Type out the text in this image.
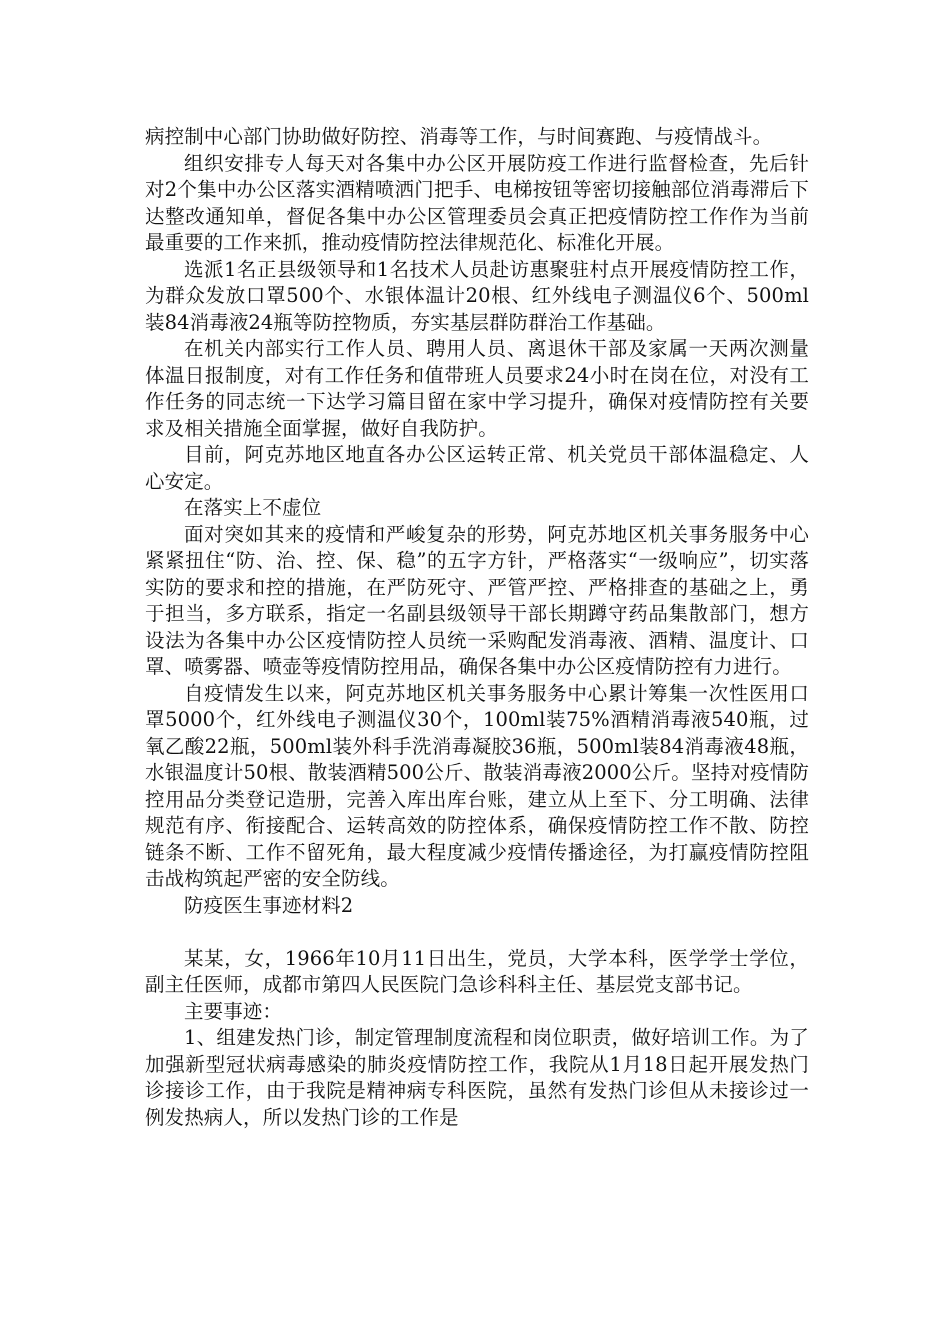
病控制中心部门协助做好防控、消毒等工作，与时间赛跑、与疫情战斗。

组织安排专人每天对各集中办公区开展防疫工作进行监督检查，先后针对2个集中办公区落实酒精喷洒门把手、电梯按钮等密切接触部位消毒滞后下达整改通知单，督促各集中办公区管理委员会真正把疫情防控工作作为当前最重要的工作来抓，推动疫情防控法律规范化、标准化开展。

选派1名正县级领导和1名技术人员赴访惠聚驻村点开展疫情防控工作，为群众发放口罩500个、水银体温计20根、红外线电子测温仪6个、500ml装84消毒液24瓶等防控物质，夯实基层群防群治工作基础。

在机关内部实行工作人员、聘用人员、离退休干部及家属一天两次测量体温日报制度，对有工作任务和值带班人员要求24小时在岗在位，对没有工作任务的同志统一下达学习篇目留在家中学习提升，确保对疫情防控有关要求及相关措施全面掌握，做好自我防护。

目前，阿克苏地区地直各办公区运转正常、机关党员干部体温稳定、人心安定。

在落实上不虚位

面对突如其来的疫情和严峻复杂的形势，阿克苏地区机关事务服务中心紧紧扭住“防、治、控、保、稳”的五字方针，严格落实“一级响应”，切实落实防的要求和控的措施，在严防死守、严管严控、严格排查的基础之上，勇于担当，多方联系，指定一名副县级领导干部长期蹲守药品集散部门，想方设法为各集中办公区疫情防控人员统一采购配发消毒液、酒精、温度计、口罩、喷雾器、喷壶等疫情防控用品，确保各集中办公区疫情防控有力进行。

自疫情发生以来，阿克苏地区机关事务服务中心累计筹集一次性医用口罩5000个，红外线电子测温仪30个，100ml装75%酒精消毒液540瓶，过氧乙酸22瓶，500ml装外科手洗消毒凝胶36瓶，500ml装84消毒液48瓶，水银温度计50根、散装酒精500公斤、散装消毒液2000公斤。坚持对疫情防控用品分类登记造册，完善入库出库台账，建立从上至下、分工明确、法律规范有序、衔接配合、运转高效的防控体系，确保疫情防控工作不散、防控链条不断、工作不留死角，最大程度减少疫情传播途径，为打赢疫情防控阻击战构筑起严密的安全防线。

防疫医生事迹材料2

某某，女，1966年10月11日出生，党员，大学本科，医学学士学位，副主任医师，成都市第四人民医院门急诊科科主任、基层党支部书记。

主要事迹：

1、组建发热门诊，制定管理制度流程和岗位职责，做好培训工作。为了加强新型冠状病毒感染的肺炎疫情防控工作，我院从1月18日起开展发热门诊接诊工作，由于我院是精神病专科医院，虽然有发热门诊但从未接诊过一例发热病人，所以发热门诊的工作是
